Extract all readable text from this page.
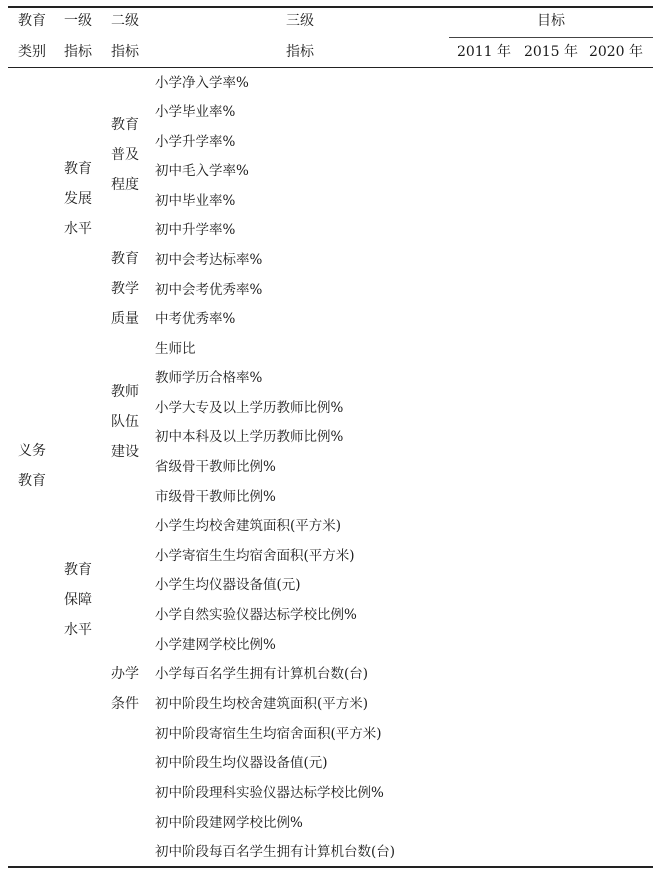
教育
类别
一级
指标
二级
指标
三级
指标
目标
2011 年 2015 年 2020 年
义务
教育
教育
发展
水平
教育
保障
水平
教育
普及
程度
教育
教学
质量
教师
队伍
建设
办学
条件
小学净入学率%
小学毕业率%
小学升学率%
初中毛入学率%
初中毕业率%
初中升学率%
初中会考达标率%
初中会考优秀率%
中考优秀率%
生师比
教师学历合格率%
小学大专及以上学历教师比例%
初中本科及以上学历教师比例%
省级骨干教师比例%
市级骨干教师比例%
小学生均校舍建筑面积(平方米)
小学寄宿生生均宿舍面积(平方米)
小学生均仪器设备值(元)
小学自然实验仪器达标学校比例%
小学建网学校比例%
小学每百名学生拥有计算机台数(台)
初中阶段生均校舍建筑面积(平方米)
初中阶段寄宿生生均宿舍面积(平方米)
初中阶段生均仪器设备值(元)
初中阶段理科实验仪器达标学校比例%
初中阶段建网学校比例%
初中阶段每百名学生拥有计算机台数(台)
